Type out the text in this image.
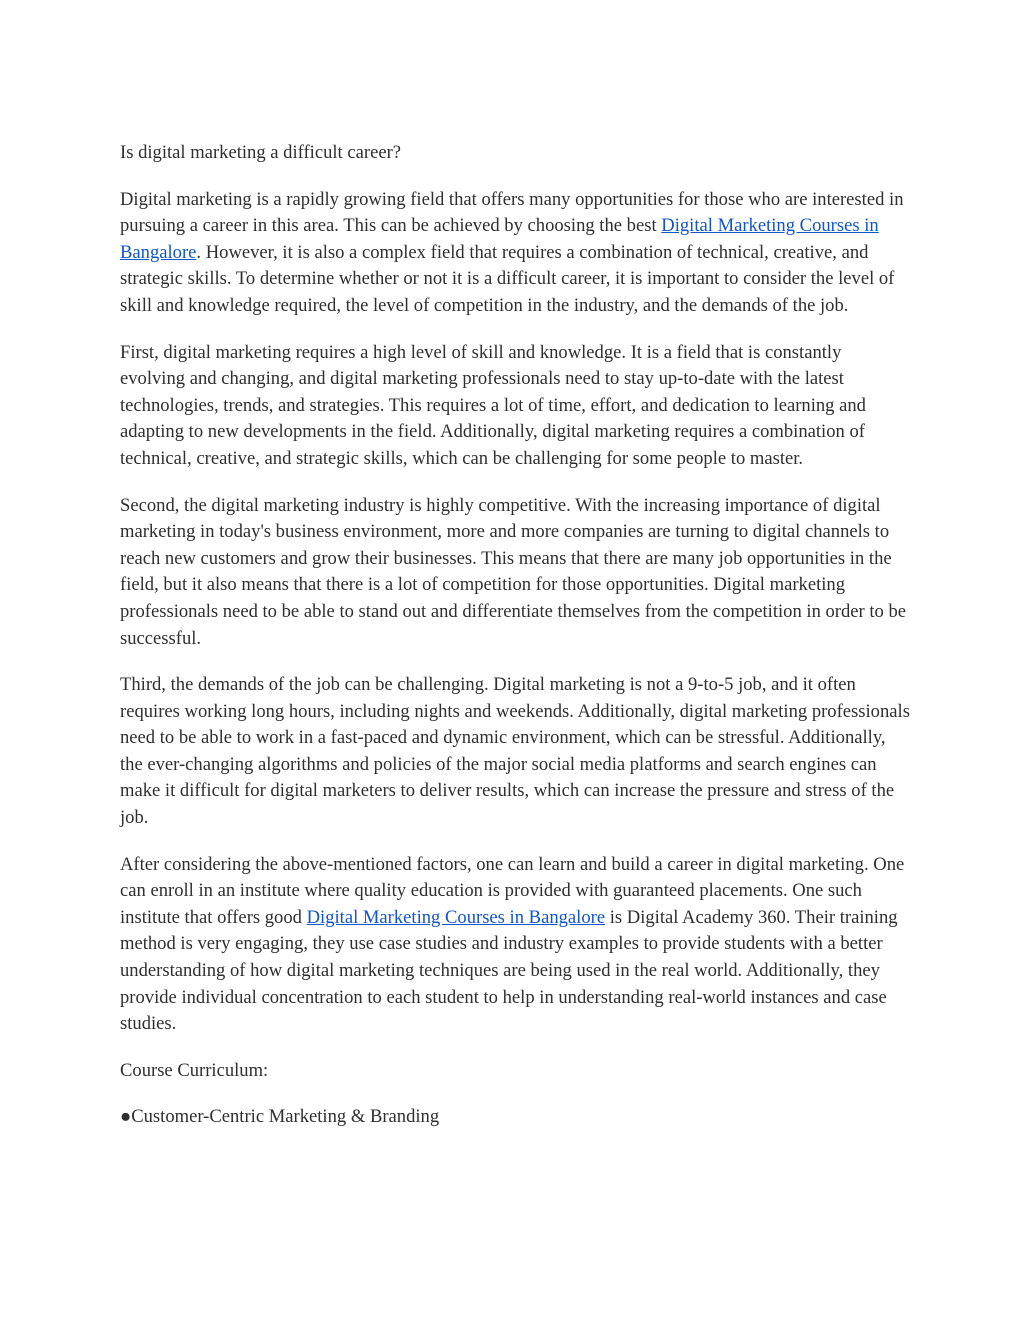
Is digital marketing a difficult career?

Digital marketing is a rapidly growing field that offers many opportunities for those who are interested in pursuing a career in this area. This can be achieved by choosing the best Digital Marketing Courses in Bangalore. However, it is also a complex field that requires a combination of technical, creative, and strategic skills. To determine whether or not it is a difficult career, it is important to consider the level of skill and knowledge required, the level of competition in the industry, and the demands of the job.

First, digital marketing requires a high level of skill and knowledge. It is a field that is constantly evolving and changing, and digital marketing professionals need to stay up-to-date with the latest technologies, trends, and strategies. This requires a lot of time, effort, and dedication to learning and adapting to new developments in the field. Additionally, digital marketing requires a combination of technical, creative, and strategic skills, which can be challenging for some people to master.

Second, the digital marketing industry is highly competitive. With the increasing importance of digital marketing in today's business environment, more and more companies are turning to digital channels to reach new customers and grow their businesses. This means that there are many job opportunities in the field, but it also means that there is a lot of competition for those opportunities. Digital marketing professionals need to be able to stand out and differentiate themselves from the competition in order to be successful.

Third, the demands of the job can be challenging. Digital marketing is not a 9-to-5 job, and it often requires working long hours, including nights and weekends. Additionally, digital marketing professionals need to be able to work in a fast-paced and dynamic environment, which can be stressful. Additionally, the ever-changing algorithms and policies of the major social media platforms and search engines can make it difficult for digital marketers to deliver results, which can increase the pressure and stress of the job.

After considering the above-mentioned factors, one can learn and build a career in digital marketing. One can enroll in an institute where quality education is provided with guaranteed placements. One such institute that offers good Digital Marketing Courses in Bangalore is Digital Academy 360. Their training method is very engaging, they use case studies and industry examples to provide students with a better understanding of how digital marketing techniques are being used in the real world. Additionally, they provide individual concentration to each student to help in understanding real-world instances and case studies.

Course Curriculum:

●Customer-Centric Marketing & Branding
